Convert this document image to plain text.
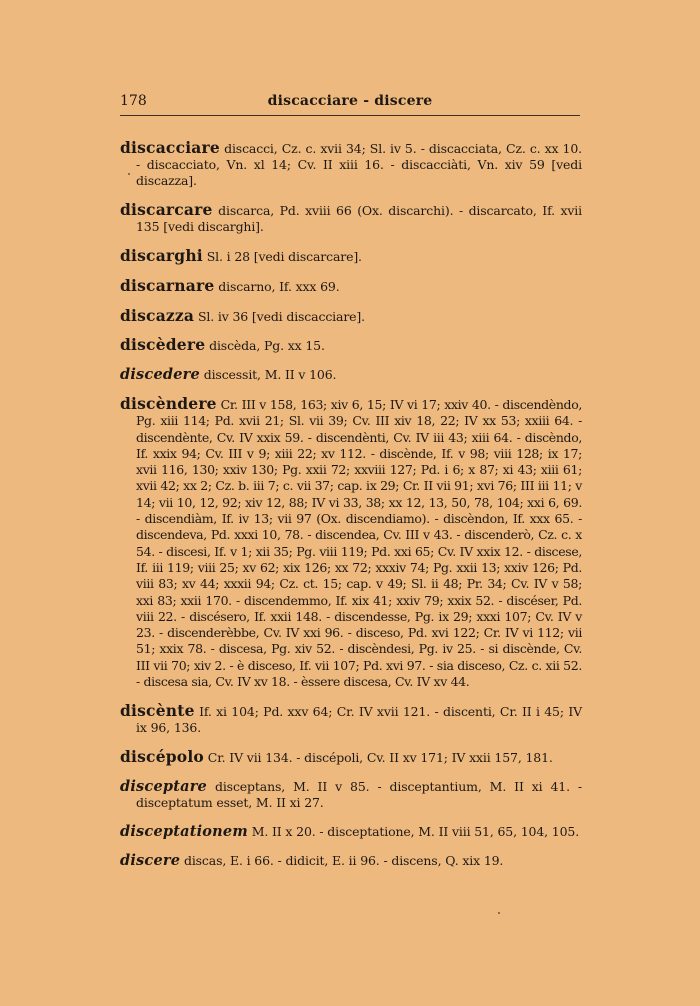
178	discacciare - discere

discacciare discacci, Cz. c. xvii 34; Sl. iv 5. - discacciata, Cz. c. xx 10. - discacciato, Vn. xl 14; Cv. II xiii 16. - discacciàti, Vn. xiv 59 [vedi discazza].

discarcare discarca, Pd. xviii 66 (Ox. discarchi). - discarcato, If. xvii 135 [vedi discarghi].

discarghi Sl. i 28 [vedi discarcare].

discarnare discarno, If. xxx 69.

discazza Sl. iv 36 [vedi discacciare].

discèdere discèda, Pg. xx 15.

discedere discessit, M. II v 106.

discèndere Cr. III v 158, 163; xiv 6, 15; IV vi 17; xxiv 40. - discendèndo, Pg. xiii 114; Pd. xvii 21; Sl. vii 39; Cv. III xiv 18, 22; IV xx 53; xxiii 64. - discendènte, Cv. IV xxix 59. - discendènti, Cv. IV iii 43; xiii 64. - discèndo, If. xxix 94; Cv. III v 9; xiii 22; xv 112. - discènde, If. v 98; viii 128; ix 17; xvii 116, 130; xxiv 130; Pg. xxii 72; xxviii 127; Pd. i 6; x 87; xi 43; xiii 61; xvii 42; xx 2; Cz. b. iii 7; c. vii 37; cap. ix 29; Cr. II vii 91; xvi 76; III iii 11; v 14; vii 10, 12, 92; xiv 12, 88; IV vi 33, 38; xx 12, 13, 50, 78, 104; xxi 6, 69. - discendiàm, If. iv 13; vii 97 (Ox. discendiamo). - discèndon, If. xxx 65. - discendeva, Pd. xxxi 10, 78. - discendea, Cv. III v 43. - discenderò, Cz. c. x 54. - discesi, If. v 1; xii 35; Pg. viii 119; Pd. xxi 65; Cv. IV xxix 12. - discese, If. iii 119; viii 25; xv 62; xix 126; xx 72; xxxiv 74; Pg. xxii 13; xxiv 126; Pd. viii 83; xv 44; xxxii 94; Cz. ct. 15; cap. v 49; Sl. ii 48; Pr. 34; Cv. IV v 58; xxi 83; xxii 170. - discendemmo, If. xix 41; xxiv 79; xxix 52. - discéser, Pd. viii 22. - discésero, If. xxii 148. - discendesse, Pg. ix 29; xxxi 107; Cv. IV v 23. - discenderèbbe, Cv. IV xxi 96. - disceso, Pd. xvi 122; Cr. IV vi 112; vii 51; xxix 78. - discesa, Pg. xiv 52. - discèndesi, Pg. iv 25. - si discènde, Cv. III vii 70; xiv 2. - è disceso, If. vii 107; Pd. xvi 97. - sia disceso, Cz. c. xii 52. - discesa sia, Cv. IV xv 18. - èssere discesa, Cv. IV xv 44.

discènte If. xi 104; Pd. xxv 64; Cr. IV xvii 121. - discenti, Cr. II i 45; IV ix 96, 136.

discépolo Cr. IV vii 134. - discépoli, Cv. II xv 171; IV xxii 157, 181.

disceptare disceptans, M. II v 85. - disceptantium, M. II xi 41. - disceptatum esset, M. II xi 27.

disceptationem M. II x 20. - disceptatione, M. II viii 51, 65, 104, 105.

discere discas, E. i 66. - didicit, E. ii 96. - discens, Q. xix 19.
